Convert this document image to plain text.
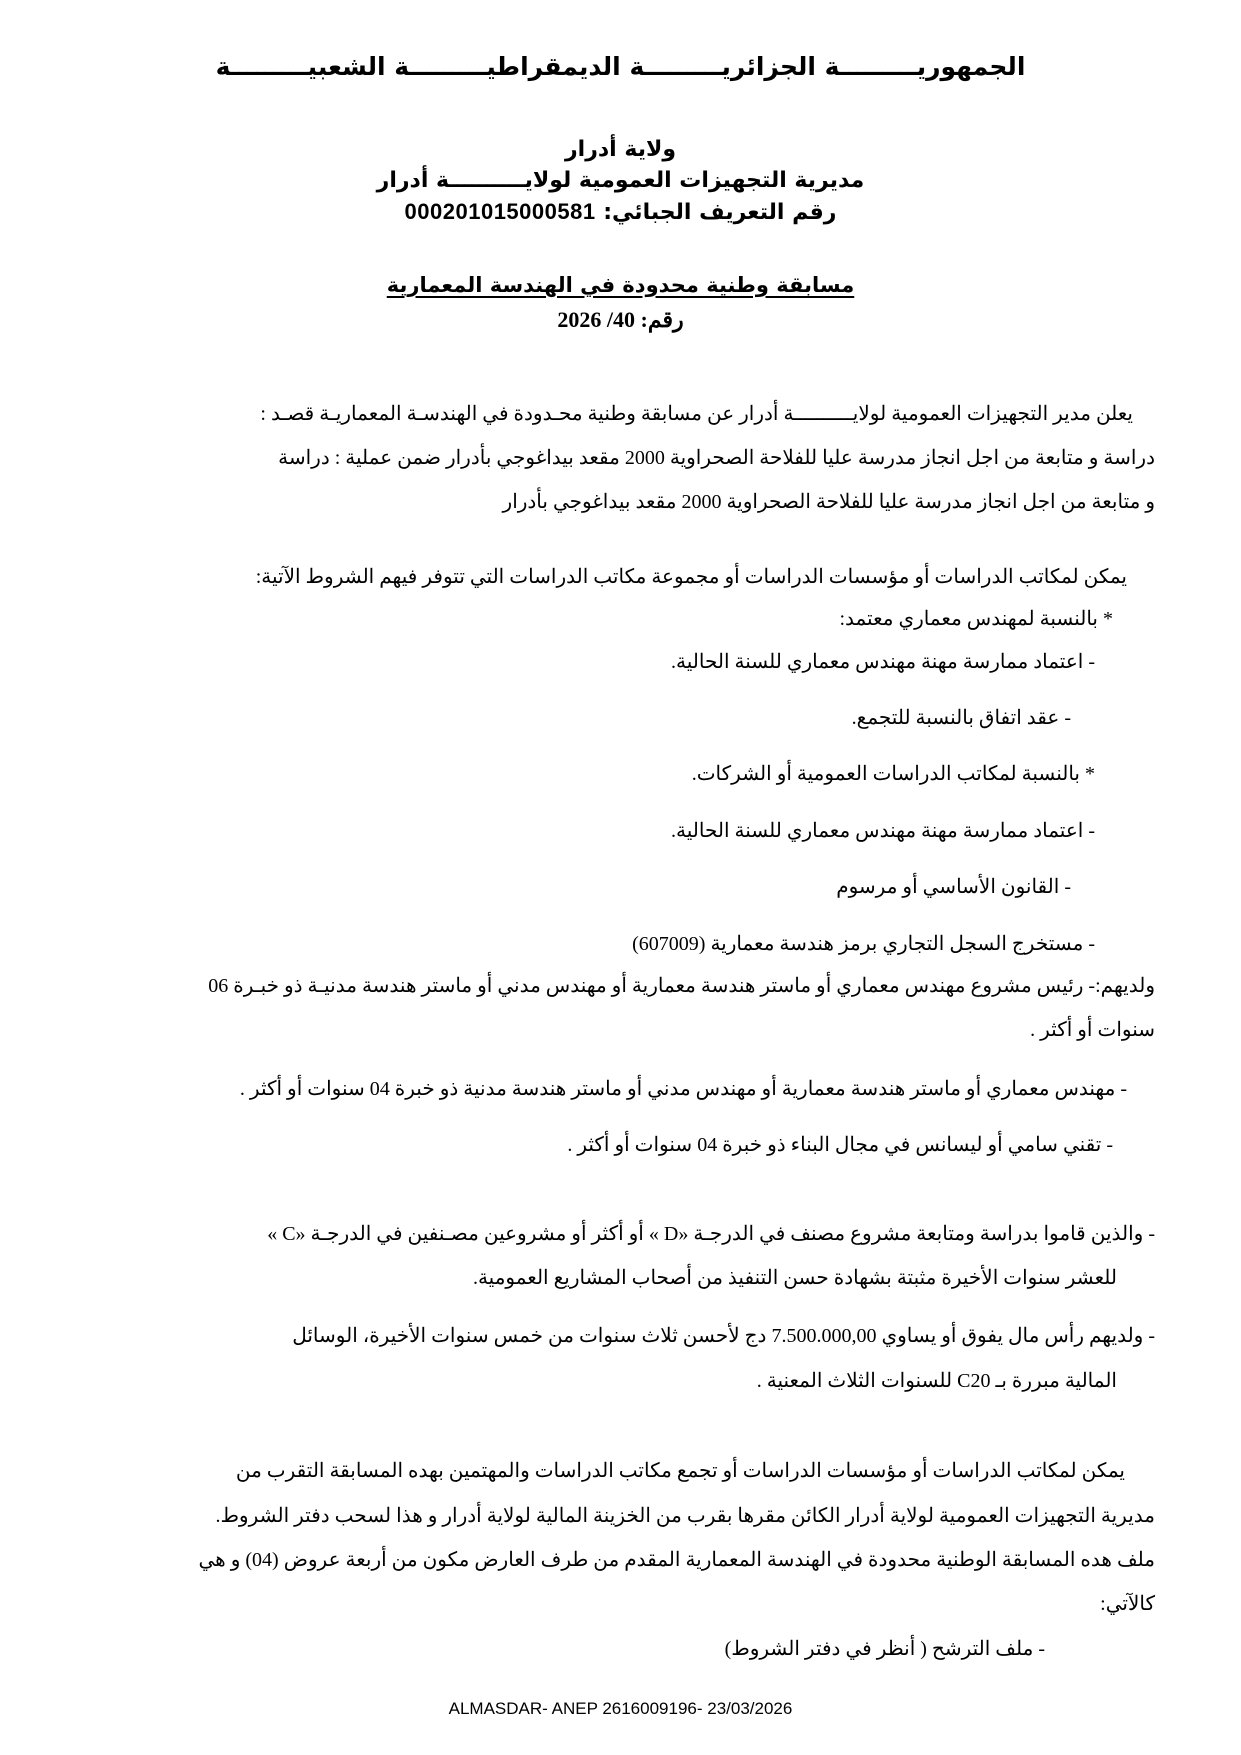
الجمهوريـــــــــة الجزائريـــــــــة الديمقراطيـــــــــة الشعبيـــــــــة
ولاية أدرار
مديرية التجهيزات العمومية لولايــــــــــة أدرار
رقم التعريف الجبائي: 000201015000581
مسابقة وطنية محدودة في الهندسة المعمارية
رقم: 2026 /40
يعلن مدير التجهيزات العمومية لولايــــــــــة أدرار عن مسابقة وطنية محـدودة في الهندسـة المعماريـة قصـد :
دراسة و متابعة من اجل انجاز مدرسة عليا للفلاحة الصحراوية 2000 مقعد بيداغوجي بأدرار ضمن عملية : دراسة
و متابعة من اجل انجاز مدرسة عليا للفلاحة الصحراوية 2000 مقعد بيداغوجي بأدرار
يمكن لمكاتب الدراسات أو مؤسسات الدراسات أو مجموعة مكاتب الدراسات التي تتوفر فيهم الشروط الآتية:
* بالنسبة لمهندس معماري معتمد:
- اعتماد ممارسة مهنة مهندس معماري للسنة الحالية.
- عقد اتفاق بالنسبة للتجمع.
* بالنسبة لمكاتب الدراسات العمومية أو الشركات.
- اعتماد ممارسة مهنة مهندس معماري للسنة الحالية.
- القانون الأساسي أو مرسوم
- مستخرج السجل التجاري برمز هندسة معمارية (607009)
ولديهم:- رئيس مشروع مهندس معماري أو ماستر هندسة معمارية أو مهندس مدني أو ماستر هندسة مدنيـة ذو خبـرة 06
سنوات أو أكثر .
- مهندس معماري أو ماستر هندسة معمارية أو مهندس مدني أو ماستر هندسة مدنية ذو خبرة 04 سنوات أو أكثر .
- تقني سامي أو ليسانس في مجال البناء ذو خبرة 04 سنوات أو أكثر .
- والذين قاموا بدراسة ومتابعة مشروع مصنف في الدرجـة «D » أو أكثر أو مشروعين مصـنفين في الدرجـة «C »
للعشر سنوات الأخيرة مثبتة بشهادة حسن التنفيذ من أصحاب المشاريع العمومية.
- ولديهم رأس مال يفوق أو يساوي 7.500.000,00 دج لأحسن ثلاث سنوات من خمس سنوات الأخيرة، الوسائل
المالية مبررة بـ C20 للسنوات الثلاث المعنية .
يمكن لمكاتب الدراسات أو مؤسسات الدراسات أو تجمع مكاتب الدراسات والمهتمين بهده المسابقة التقرب من
مديرية التجهيزات العمومية لولاية أدرار الكائن مقرها بقرب من الخزينة المالية لولاية أدرار و هذا لسحب دفتر الشروط.
ملف هده المسابقة الوطنية محدودة في الهندسة المعمارية المقدم من طرف العارض مكون من أربعة عروض (04) و هي
كالآتي:
- ملف الترشح ( أنظر في دفتر الشروط)
ALMASDAR- ANEP 2616009196- 23/03/2026
